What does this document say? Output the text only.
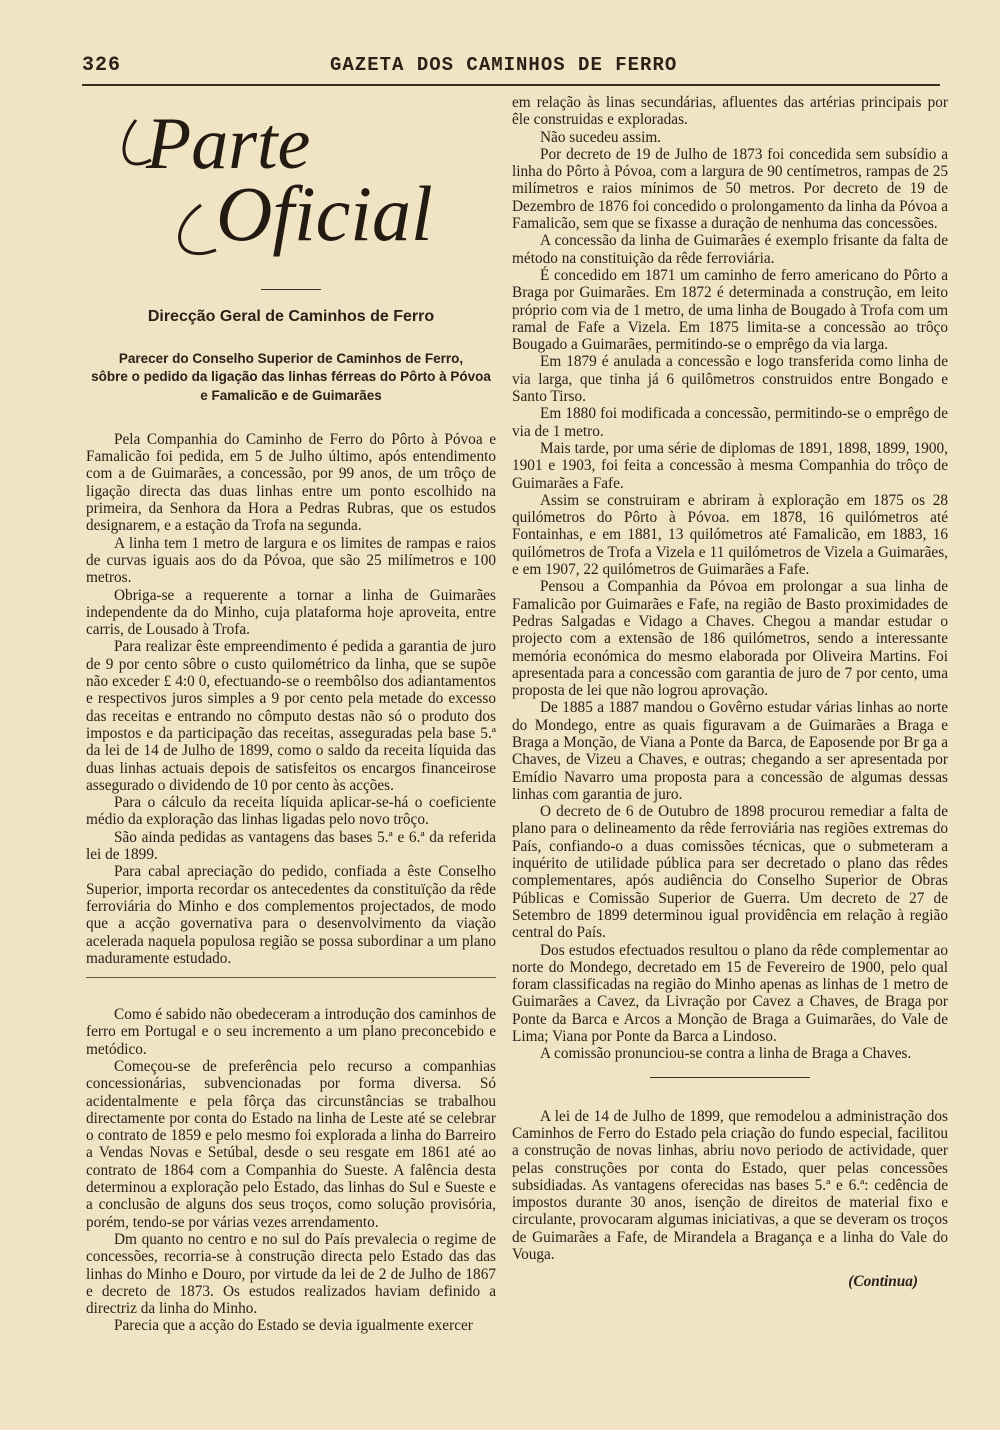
326	GAZETA DOS CAMINHOS DE FERRO
Parte
Oficial
Direcção Geral de Caminhos de Ferro
Parecer do Conselho Superior de Caminhos de Ferro,
sôbre o pedido da ligação das linhas férreas do Pôrto à Póvoa
e Famalicão e de Guimarães

Pela Companhia do Caminho de Ferro do Pôrto à Póvoa e Famalicão foi pedida, em 5 de Julho último, após entendimento com a de Guimarães, a concessão, por 99 anos, de um trôço de ligação directa das duas linhas entre um ponto escolhido na primeira, da Senhora da Hora a Pedras Rubras, que os estudos designarem, e a estação da Trofa na segunda.

A linha tem 1 metro de largura e os limites de rampas e raios de curvas iguais aos do da Póvoa, que são 25 milímetros e 100 metros.

Obriga-se a requerente a tornar a linha de Guimarães independente da do Minho, cuja plataforma hoje aproveita, entre carris, de Lousado à Trofa.

Para realizar êste empreendimento é pedida a garantia de juro de 9 por cento sôbre o custo quilométrico da linha, que se supõe não exceder £ 4:0 0, efectuando-se o reembôlso dos adiantamentos e respectivos juros simples a 9 por cento pela metade do excesso das receitas e entrando no cômputo destas não só o produto dos impostos e da participação das receitas, asseguradas pela base 5.ª da lei de 14 de Julho de 1899, como o saldo da receita líquida das duas linhas actuais depois de satisfeitos os encargos financeirose assegurado o dividendo de 10 por cento às acções.

Para o cálculo da receita líquida aplicar-se-há o coeficiente médio da exploração das linhas ligadas pelo novo trôço.

São ainda pedidas as vantagens das bases 5.ª e 6.ª da referida lei de 1899.

Para cabal apreciação do pedido, confiada a êste Conselho Superior, importa recordar os antecedentes da constituïção da rêde ferroviária do Minho e dos complementos projectados, de modo que a acção governativa para o desenvolvimento da viação acelerada naquela populosa região se possa subordinar a um plano maduramente estudado.

Como é sabido não obedeceram a introdução dos caminhos de ferro em Portugal e o seu incremento a um plano preconcebido e metódico.

Começou-se de preferência pelo recurso a companhias concessionárias, subvencionadas por forma diversa. Só acidentalmente e pela fôrça das circunstâncias se trabalhou directamente por conta do Estado na linha de Leste até se celebrar o contrato de 1859 e pelo mesmo foi explorada a linha do Barreiro a Vendas Novas e Setúbal, desde o seu resgate em 1861 até ao contrato de 1864 com a Companhia do Sueste. A falência desta determinou a exploração pelo Estado, das linhas do Sul e Sueste e a conclusão de alguns dos seus troços, como solução provisória, porém, tendo-se por várias vezes arrendamento.

Dm quanto no centro e no sul do País prevalecia o regime de concessões, recorria-se à construção directa pelo Estado das das linhas do Minho e Douro, por virtude da lei de 2 de Julho de 1867 e decreto de 1873. Os estudos realizados haviam definido a directriz da linha do Minho.

Parecia que a acção do Estado se devia igualmente exercer

em relação às linas secundárias, afluentes das artérias principais por êle construidas e exploradas.

Não sucedeu assim.

Por decreto de 19 de Julho de 1873 foi concedida sem subsídio a linha do Pôrto à Póvoa, com a largura de 90 centímetros, rampas de 25 milímetros e raios mínimos de 50 metros. Por decreto de 19 de Dezembro de 1876 foi concedido o prolongamento da linha da Póvoa a Famalicão, sem que se fixasse a duração de nenhuma das concessões.

A concessão da linha de Guimarães é exemplo frisante da falta de método na constituição da rêde ferroviária.

É concedido em 1871 um caminho de ferro americano do Pôrto a Braga por Guimarães. Em 1872 é determinada a construção, em leito próprio com via de 1 metro, de uma linha de Bougado à Trofa com um ramal de Fafe a Vizela. Em 1875 limita-se a concessão ao trôço Bougado a Guimarães, permitindo-se o emprêgo da via larga.

Em 1879 é anulada a concessão e logo transferida como linha de via larga, que tinha já 6 quilômetros construidos entre Bongado e Santo Tirso.

Em 1880 foi modificada a concessão, permitindo-se o emprêgo de via de 1 metro.

Mais tarde, por uma série de diplomas de 1891, 1898, 1899, 1900, 1901 e 1903, foi feita a concessão à mesma Companhia do trôço de Guimarães a Fafe.

Assim se construiram e abriram à exploração em 1875 os 28 quilómetros do Pôrto à Póvoa. em 1878, 16 quilómetros até Fontainhas, e em 1881, 13 quilómetros até Famalicão, em 1883, 16 quilómetros de Trofa a Vizela e 11 quilómetros de Vizela a Guimarães, e em 1907, 22 quilómetros de Guimarães a Fafe.

Pensou a Companhia da Póvoa em prolongar a sua linha de Famalicão por Guimarães e Fafe, na região de Basto proximidades de Pedras Salgadas e Vidago a Chaves. Chegou a mandar estudar o projecto com a extensão de 186 quilómetros, sendo a interessante memória económica do mesmo elaborada por Oliveira Martins. Foi apresentada para a concessão com garantia de juro de 7 por cento, uma proposta de lei que não logrou aprovação.

De 1885 a 1887 mandou o Govêrno estudar várias linhas ao norte do Mondego, entre as quais figuravam a de Guimarães a Braga e Braga a Monção, de Viana a Ponte da Barca, de Eaposende por Br ga a Chaves, de Vizeu a Chaves, e outras; chegando a ser apresentada por Emídio Navarro uma proposta para a concessão de algumas dessas linhas com garantia de juro.

O decreto de 6 de Outubro de 1898 procurou remediar a falta de plano para o delineamento da rêde ferroviária nas regiões extremas do País, confiando-o a duas comissões técnicas, que o submeteram a inquérito de utilidade pública para ser decretado o plano das rêdes complementares, após audiência do Conselho Superior de Obras Públicas e Comissão Superior de Guerra. Um decreto de 27 de Setembro de 1899 determinou igual providência em relação à região central do País.

Dos estudos efectuados resultou o plano da rêde complementar ao norte do Mondego, decretado em 15 de Fevereiro de 1900, pelo qual foram classificadas na região do Minho apenas as linhas de 1 metro de Guimarães a Cavez, da Livração por Cavez a Chaves, de Braga por Ponte da Barca e Arcos a Monção de Braga a Guimarães, do Vale de Lima; Viana por Ponte da Barca a Lindoso.

A comissão pronunciou-se contra a linha de Braga a Chaves.

A lei de 14 de Julho de 1899, que remodelou a administração dos Caminhos de Ferro do Estado pela criação do fundo especial, facilitou a construção de novas linhas, abriu novo periodo de actividade, quer pelas construções por conta do Estado, quer pelas concessões subsidiadas. As vantagens oferecidas nas bases 5.ª e 6.ª: cedência de impostos durante 30 anos, isenção de direitos de material fixo e circulante, provocaram algumas iniciativas, a que se deveram os troços de Guimarães a Fafe, de Mirandela a Bragança e a linha do Vale do Vouga.

(Continua)
